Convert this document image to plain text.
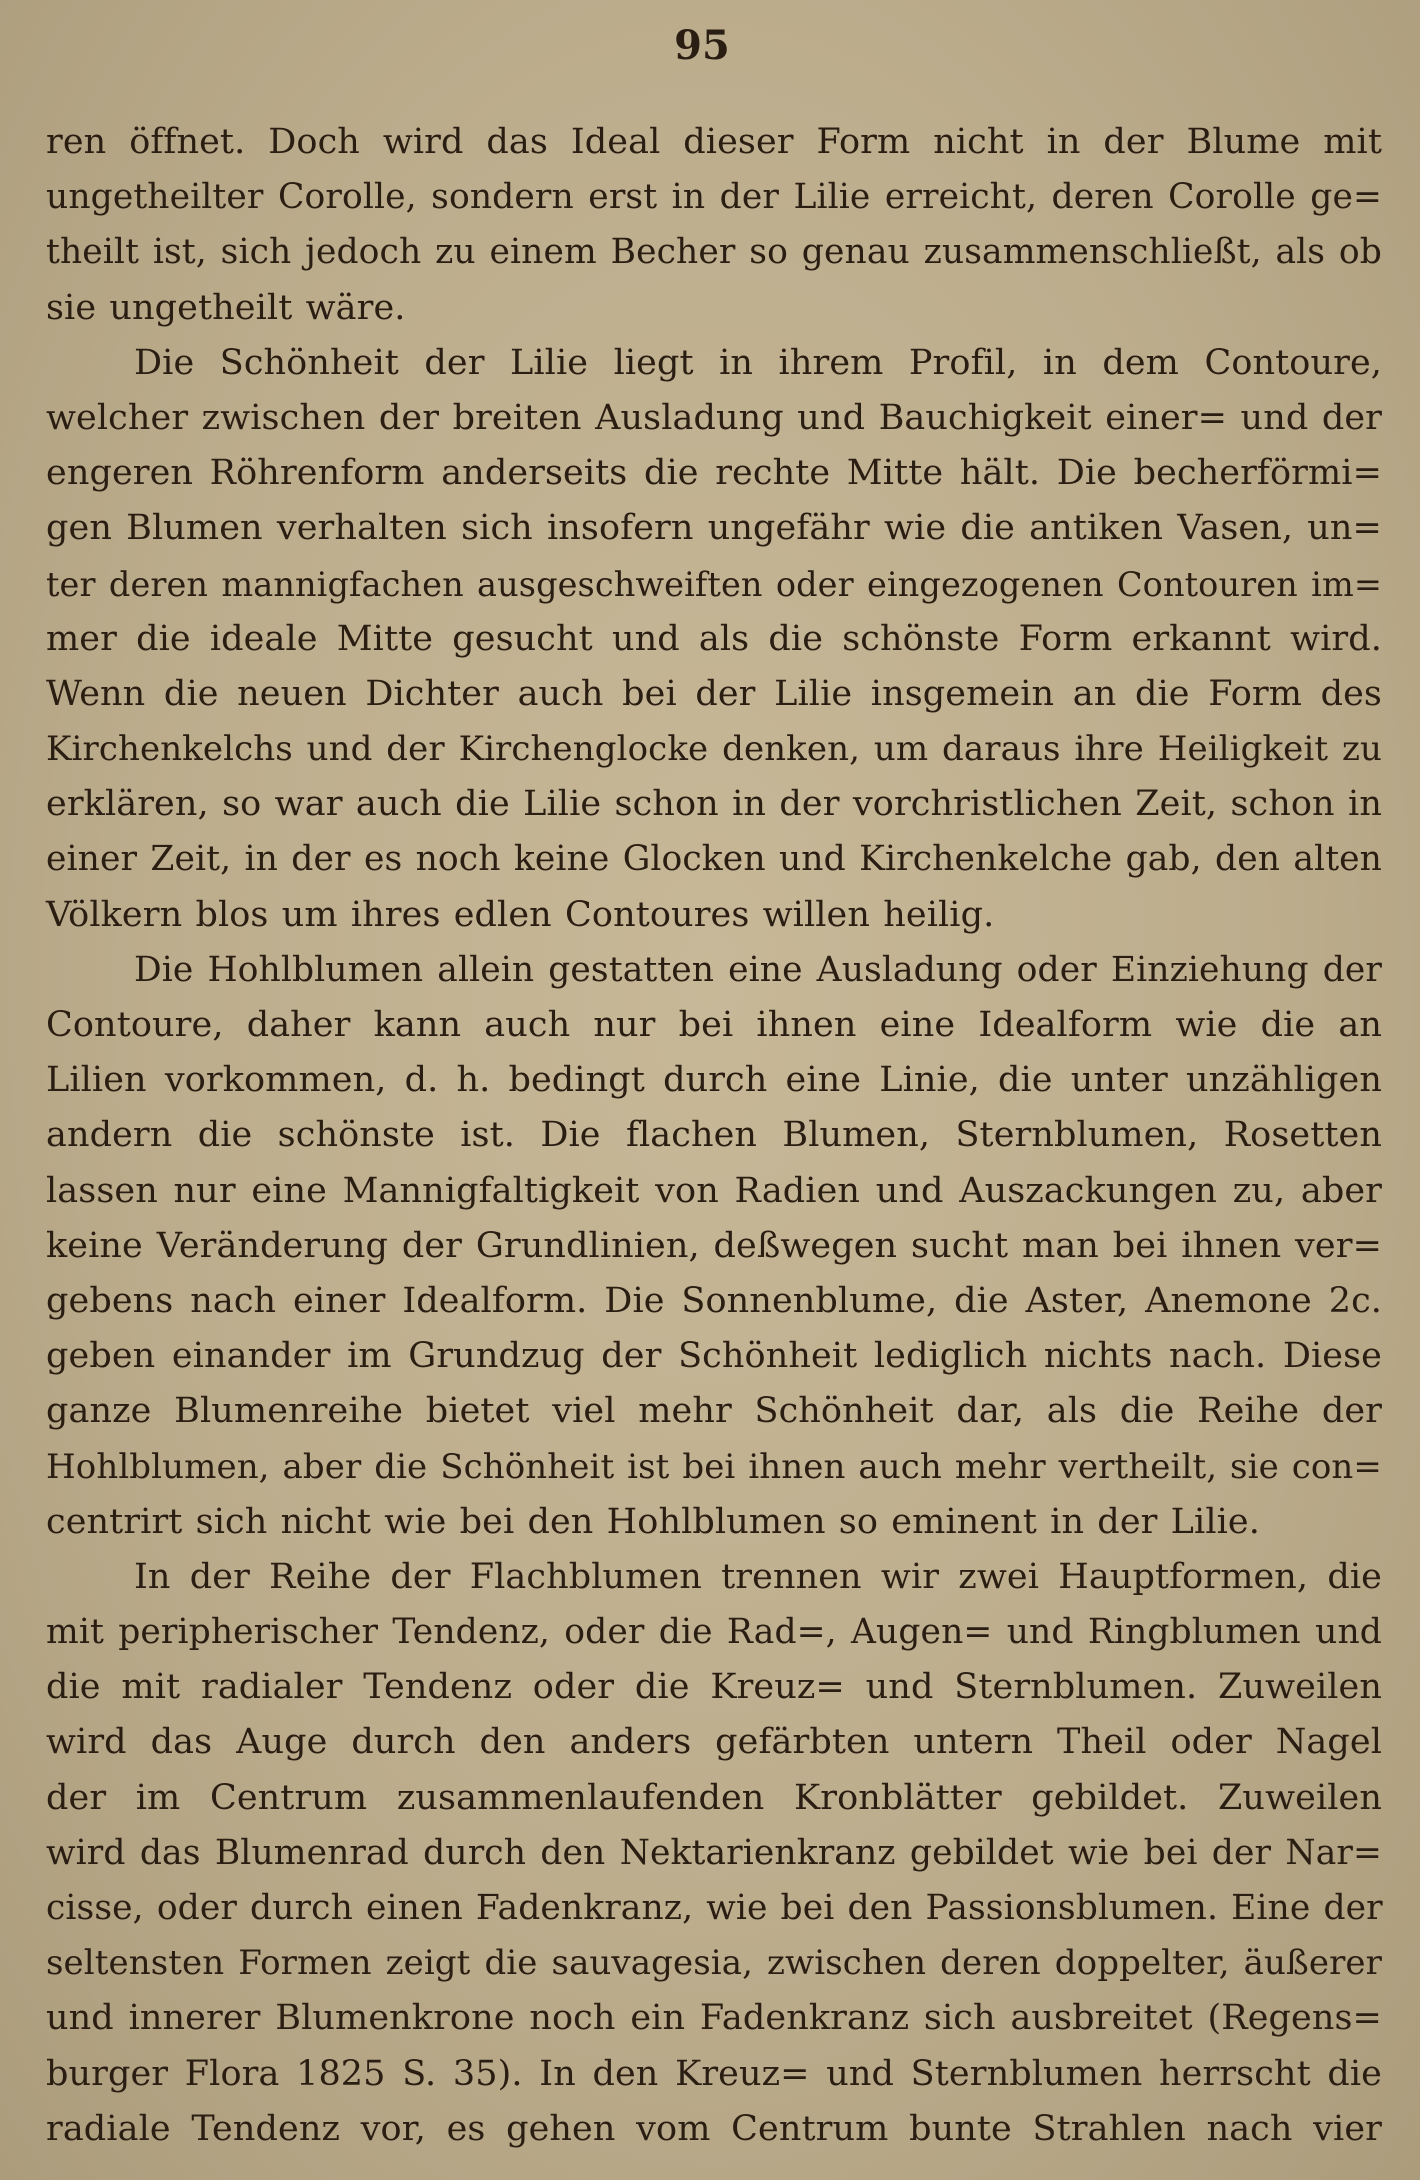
95
ren öffnet. Doch wird das Ideal dieser Form nicht in der Blume mit
ungetheilter Corolle, sondern erst in der Lilie erreicht, deren Corolle ge=
theilt ist, sich jedoch zu einem Becher so genau zusammenschließt, als ob
sie ungetheilt wäre.
Die Schönheit der Lilie liegt in ihrem Profil, in dem Contoure,
welcher zwischen der breiten Ausladung und Bauchigkeit einer= und der
engeren Röhrenform anderseits die rechte Mitte hält. Die becherförmi=
gen Blumen verhalten sich insofern ungefähr wie die antiken Vasen, un=
ter deren mannigfachen ausgeschweiften oder eingezogenen Contouren im=
mer die ideale Mitte gesucht und als die schönste Form erkannt wird.
Wenn die neuen Dichter auch bei der Lilie insgemein an die Form des
Kirchenkelchs und der Kirchenglocke denken, um daraus ihre Heiligkeit zu
erklären, so war auch die Lilie schon in der vorchristlichen Zeit, schon in
einer Zeit, in der es noch keine Glocken und Kirchenkelche gab, den alten
Völkern blos um ihres edlen Contoures willen heilig.
Die Hohlblumen allein gestatten eine Ausladung oder Einziehung der
Contoure, daher kann auch nur bei ihnen eine Idealform wie die an
Lilien vorkommen, d. h. bedingt durch eine Linie, die unter unzähligen
andern die schönste ist. Die flachen Blumen, Sternblumen, Rosetten
lassen nur eine Mannigfaltigkeit von Radien und Auszackungen zu, aber
keine Veränderung der Grundlinien, deßwegen sucht man bei ihnen ver=
gebens nach einer Idealform. Die Sonnenblume, die Aster, Anemone 2c.
geben einander im Grundzug der Schönheit lediglich nichts nach. Diese
ganze Blumenreihe bietet viel mehr Schönheit dar, als die Reihe der
Hohlblumen, aber die Schönheit ist bei ihnen auch mehr vertheilt, sie con=
centrirt sich nicht wie bei den Hohlblumen so eminent in der Lilie.
In der Reihe der Flachblumen trennen wir zwei Hauptformen, die
mit peripherischer Tendenz, oder die Rad=, Augen= und Ringblumen und
die mit radialer Tendenz oder die Kreuz= und Sternblumen. Zuweilen
wird das Auge durch den anders gefärbten untern Theil oder Nagel
der im Centrum zusammenlaufenden Kronblätter gebildet. Zuweilen
wird das Blumenrad durch den Nektarienkranz gebildet wie bei der Nar=
cisse, oder durch einen Fadenkranz, wie bei den Passionsblumen. Eine der
seltensten Formen zeigt die sauvagesia, zwischen deren doppelter, äußerer
und innerer Blumenkrone noch ein Fadenkranz sich ausbreitet (Regens=
burger Flora 1825 S. 35). In den Kreuz= und Sternblumen herrscht die
radiale Tendenz vor, es gehen vom Centrum bunte Strahlen nach vier
